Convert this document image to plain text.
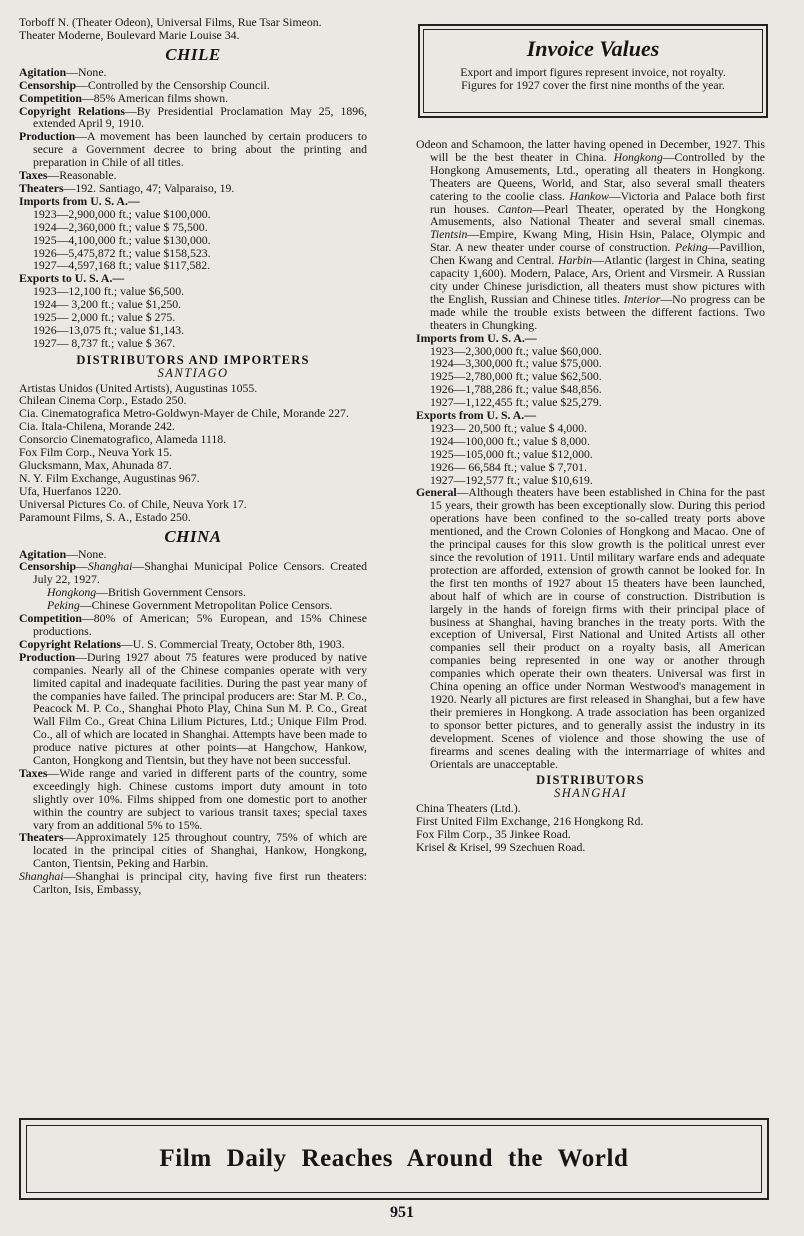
Torboff N. (Theater Odeon), Universal Films, Rue Tsar Simeon.

Theater Moderne, Boulevard Marie Louise 34.

CHILE

Agitation—None.

Censorship—Controlled by the Censorship Council.

Competition—85% American films shown.

Copyright Relations—By Presidential Proclamation May 25, 1896, extended April 9, 1910.

Production—A movement has been launched by certain producers to secure a Government decree to bring about the printing and preparation in Chile of all titles.

Taxes—Reasonable.

Theaters—192. Santiago, 47; Valparaiso, 19.

Imports from U. S. A.—

1923—2,900,000 ft.; value $100,000.
1924—2,360,000 ft.; value $ 75,500.
1925—4,100,000 ft.; value $130,000.
1926—5,475,872 ft.; value $158,523.
1927—4,597,168 ft.; value $117,582.

Exports to U. S. A.—

1923—12,100 ft.; value $6,500.
1924— 3,200 ft.; value $1,250.
1925— 2,000 ft.; value $ 275.
1926—13,075 ft.; value $1,143.
1927— 8,737 ft.; value $ 367.
DISTRIBUTORS AND IMPORTERS
SANTIAGO

Artistas Unidos (United Artists), Augustinas 1055.

Chilean Cinema Corp., Estado 250.

Cia. Cinematografica Metro-Goldwyn-Mayer de Chile, Morande 227.

Cia. Itala-Chilena, Morande 242.

Consorcio Cinematografico, Alameda 1118.

Fox Film Corp., Neuva York 15.

Glucksmann, Max, Ahunada 87.

N. Y. Film Exchange, Augustinas 967.

Ufa, Huerfanos 1220.

Universal Pictures Co. of Chile, Neuva York 17.

Paramount Films, S. A., Estado 250.

CHINA

Agitation—None.

Censorship—Shanghai—Shanghai Municipal Police Censors. Created July 22, 1927.

Hongkong—British Government Censors.

Peking—Chinese Government Metropolitan Police Censors.

Competition—80% of American; 5% European, and 15% Chinese productions.

Copyright Relations—U. S. Commercial Treaty, October 8th, 1903.

Production—During 1927 about 75 features were produced by native companies. Nearly all of the Chinese companies operate with very limited capital and inadequate facilities. During the past year many of the companies have failed. The principal producers are: Star M. P. Co., Peacock M. P. Co., Shanghai Photo Play, China Sun M. P. Co., Great Wall Film Co., Great China Lilium Pictures, Ltd.; Unique Film Prod. Co., all of which are located in Shanghai. Attempts have been made to produce native pictures at other points—at Hangchow, Hankow, Canton, Hongkong and Tientsin, but they have not been successful.

Taxes—Wide range and varied in different parts of the country, some exceedingly high. Chinese customs import duty amount in toto slightly over 10%. Films shipped from one domestic port to another within the country are subject to various transit taxes; special taxes vary from an additional 5% to 15%.

Theaters—Approximately 125 throughout country, 75% of which are located in the principal cities of Shanghai, Hankow, Hongkong, Canton, Tientsin, Peking and Harbin.

Shanghai—Shanghai is principal city, having five first run theaters: Carlton, Isis, Embassy,

Invoice Values
Export and import figures represent invoice, not royalty. Figures for 1927 cover the first nine months of the year.

Odeon and Schamoon, the latter having opened in December, 1927. This will be the best theater in China. Hongkong—Controlled by the Hongkong Amusements, Ltd., operating all theaters in Hongkong. Theaters are Queens, World, and Star, also several small theaters catering to the coolie class. Hankow—Victoria and Palace both first run houses. Canton—Pearl Theater, operated by the Hongkong Amusements, also National Theater and several small cinemas. Tientsin—Empire, Kwang Ming, Hisin Hsin, Palace, Olympic and Star. A new theater under course of construction. Peking—Pavillion, Chen Kwang and Central. Harbin—Atlantic (largest in China, seating capacity 1,600). Modern, Palace, Ars, Orient and Virsmeir. A Russian city under Chinese jurisdiction, all theaters must show pictures with the English, Russian and Chinese titles. Interior—No progress can be made while the trouble exists between the different factions. Two theaters in Chungking.

Imports from U. S. A.—

1923—2,300,000 ft.; value $60,000.
1924—3,300,000 ft.; value $75,000.
1925—2,780,000 ft.; value $62,500.
1926—1,788,286 ft.; value $48,856.
1927—1,122,455 ft.; value $25,279.

Exports from U. S. A.—

1923— 20,500 ft.; value $ 4,000.
1924—100,000 ft.; value $ 8,000.
1925—105,000 ft.; value $12,000.
1926— 66,584 ft.; value $ 7,701.
1927—192,577 ft.; value $10,619.

General—Although theaters have been established in China for the past 15 years, their growth has been exceptionally slow. During this period operations have been confined to the so-called treaty ports above mentioned, and the Crown Colonies of Hongkong and Macao. One of the principal causes for this slow growth is the political unrest ever since the revolution of 1911. Until military warfare ends and adequate protection are afforded, extension of growth cannot be looked for. In the first ten months of 1927 about 15 theaters have been launched, about half of which are in course of construction. Distribution is largely in the hands of foreign firms with their principal place of business at Shanghai, having branches in the treaty ports. With the exception of Universal, First National and United Artists all other companies sell their product on a royalty basis, all American companies being represented in one way or another through companies which operate their own theaters. Universal was first in China opening an office under Norman Westwood's management in 1920. Nearly all pictures are first released in Shanghai, but a few have their premieres in Hongkong. A trade association has been organized to sponsor better pictures, and to generally assist the industry in its development. Scenes of violence and those showing the use of firearms and scenes dealing with the intermarriage of whites and Orientals are unacceptable.

DISTRIBUTORS
SHANGHAI

China Theaters (Ltd.).

First United Film Exchange, 216 Hongkong Rd.

Fox Film Corp., 35 Jinkee Road.

Krisel & Krisel, 99 Szechuen Road.

Film Daily Reaches Around the World
951
